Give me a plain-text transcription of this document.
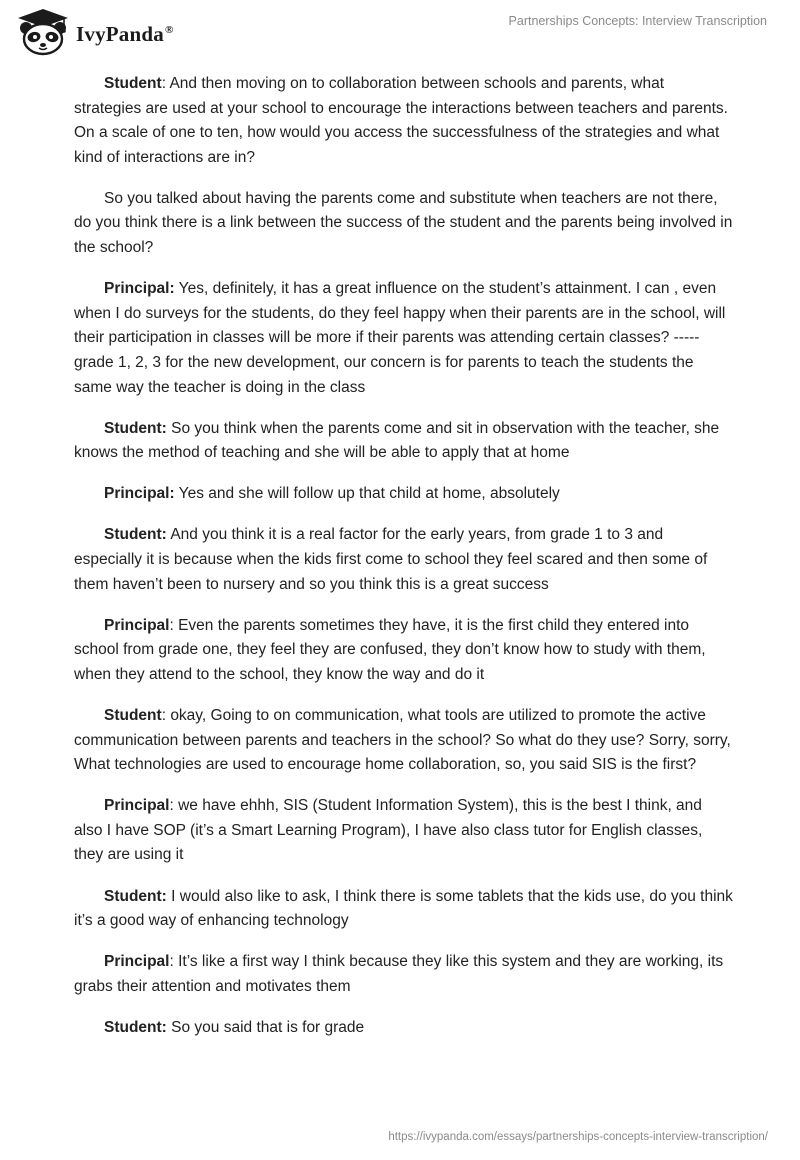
IvyPanda®
Partnerships Concepts: Interview Transcription

Student: And then moving on to collaboration between schools and parents, what strategies are used at your school to encourage the interactions between teachers and parents. On a scale of one to ten, how would you access the successfulness of the strategies and what kind of interactions are in?

So you talked about having the parents come and substitute when teachers are not there, do you think there is a link between the success of the student and the parents being involved in the school?

Principal: Yes, definitely, it has a great influence on the student’s attainment. I can , even when I do surveys for the students, do they feel happy when their parents are in the school, will their participation in classes will be more if their parents was attending certain classes? -----grade 1, 2, 3 for the new development, our concern is for parents to teach the students the same way the teacher is doing in the class

Student: So you think when the parents come and sit in observation with the teacher, she knows the method of teaching and she will be able to apply that at home

Principal: Yes and she will follow up that child at home, absolutely

Student: And you think it is a real factor for the early years, from grade 1 to 3 and especially it is because when the kids first come to school they feel scared and then some of them haven’t been to nursery and so you think this is a great success

Principal: Even the parents sometimes they have, it is the first child they entered into school from grade one, they feel they are confused, they don’t know how to study with them, when they attend to the school, they know the way and do it

Student: okay, Going to on communication, what tools are utilized to promote the active communication between parents and teachers in the school? So what do they use? Sorry, sorry, What technologies are used to encourage home collaboration, so, you said SIS is the first?

Principal: we have ehhh, SIS (Student Information System), this is the best I think, and also I have SOP (it’s a Smart Learning Program), I have also class tutor for English classes, they are using it

Student: I would also like to ask, I think there is some tablets that the kids use, do you think it’s a good way of enhancing technology

Principal: It’s like a first way I think because they like this system and they are working, its grabs their attention and motivates them

Student: So you said that is for grade

https://ivypanda.com/essays/partnerships-concepts-interview-transcription/
